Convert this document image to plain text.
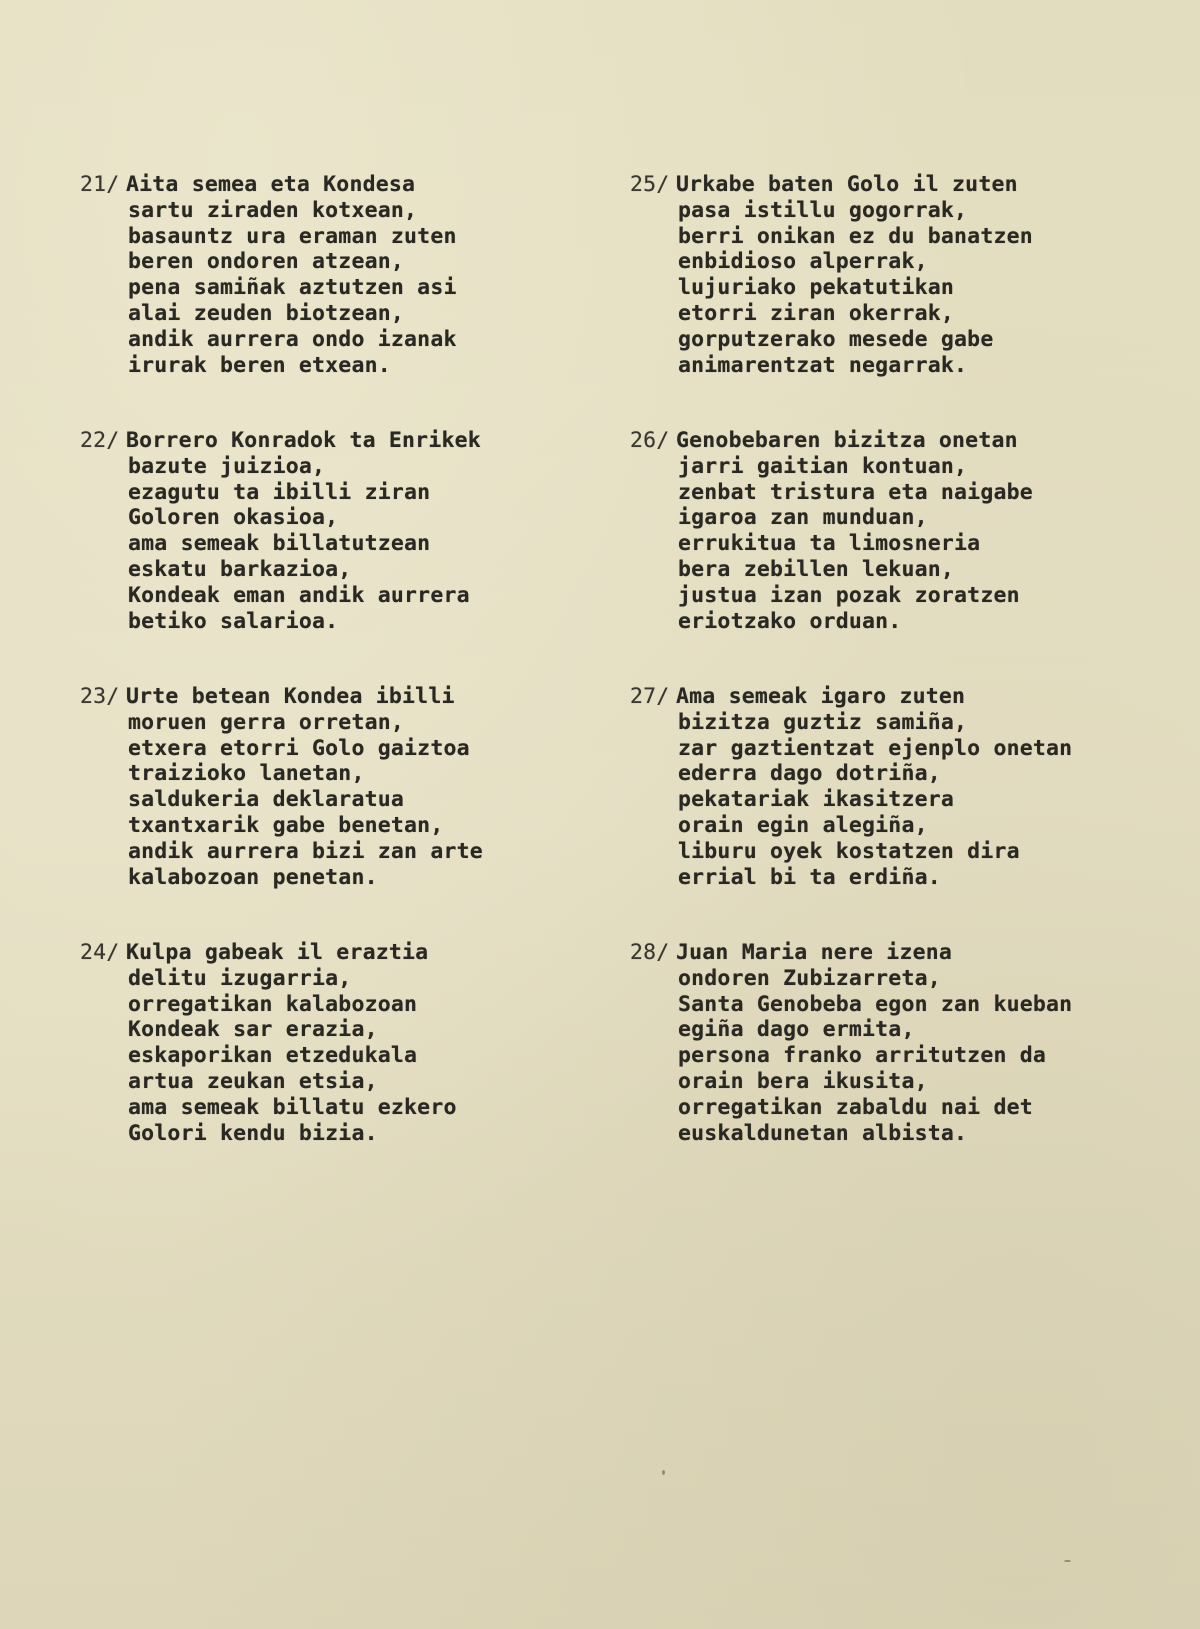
21/ Aita semea eta Kondesa
sartu ziraden kotxean,
basauntz ura eraman zuten
beren ondoren atzean,
pena samiñak aztutzen asi
alai zeuden biotzean,
andik aurrera ondo izanak
irurak beren etxean.
22/ Borrero Konradok ta Enrikek
bazute juizioa,
ezagutu ta ibilli ziran
Goloren okasioa,
ama semeak billatutzean
eskatu barkazioa,
Kondeak eman andik aurrera
betiko salarioa.
23/ Urte betean Kondea ibilli
moruen gerra orretan,
etxera etorri Golo gaiztoa
traizioko lanetan,
saldukeria deklaratua
txantxarik gabe benetan,
andik aurrera bizi zan arte
kalabozoan penetan.
24/ Kulpa gabeak il eraztia
delitu izugarria,
orregatikan kalabozoan
Kondeak sar erazia,
eskaporikan etzedukala
artua zeukan etsia,
ama semeak billatu ezkero
Golori kendu bizia.
25/ Urkabe baten Golo il zuten
pasa istillu gogorrak,
berri onikan ez du banatzen
enbidioso alperrak,
lujuriako pekatutikan
etorri ziran okerrak,
gorputzerako mesede gabe
animarentzat negarrak.
26/ Genobebaren bizitza onetan
jarri gaitian kontuan,
zenbat tristura eta naigabe
igaroa zan munduan,
errukitua ta limosneria
bera zebillen lekuan,
justua izan pozak zoratzen
eriotzako orduan.
27/ Ama semeak igaro zuten
bizitza guztiz samiña,
zar gaztientzat ejenplo onetan
ederra dago dotriña,
pekatariak ikasitzera
orain egin alegiña,
liburu oyek kostatzen dira
errial bi ta erdiña.
28/ Juan Maria nere izena
ondoren Zubizarreta,
Santa Genobeba egon zan kueban
egiña dago ermita,
persona franko arritutzen da
orain bera ikusita,
orregatikan zabaldu nai det
euskaldunetan albista.
